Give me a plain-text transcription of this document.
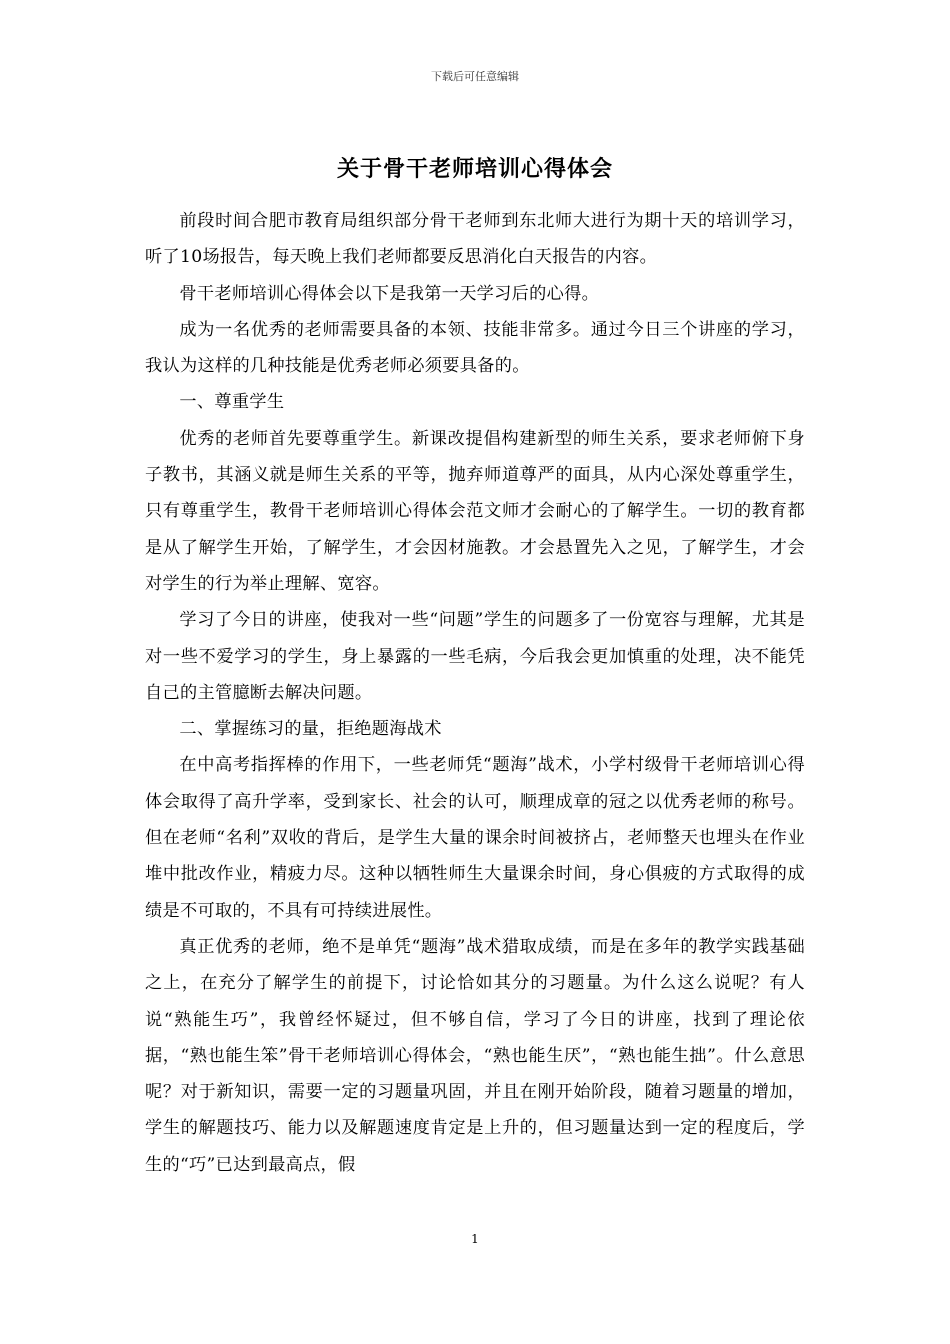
下载后可任意编辑
关于骨干老师培训心得体会

前段时间合肥市教育局组织部分骨干老师到东北师大进行为期十天的培训学习，听了10场报告，每天晚上我们老师都要反思消化白天报告的内容。

骨干老师培训心得体会以下是我第一天学习后的心得。

成为一名优秀的老师需要具备的本领、技能非常多。通过今日三个讲座的学习，我认为这样的几种技能是优秀老师必须要具备的。

一、尊重学生

优秀的老师首先要尊重学生。新课改提倡构建新型的师生关系，要求老师俯下身子教书，其涵义就是师生关系的平等，抛弃师道尊严的面具，从内心深处尊重学生，只有尊重学生，教骨干老师培训心得体会范文师才会耐心的了解学生。一切的教育都是从了解学生开始，了解学生，才会因材施教。才会悬置先入之见，了解学生，才会对学生的行为举止理解、宽容。

学习了今日的讲座，使我对一些“问题”学生的问题多了一份宽容与理解，尤其是对一些不爱学习的学生，身上暴露的一些毛病，今后我会更加慎重的处理，决不能凭自己的主管臆断去解决问题。

二、掌握练习的量，拒绝题海战术

在中高考指挥棒的作用下，一些老师凭“题海”战术，小学村级骨干老师培训心得体会取得了高升学率，受到家长、社会的认可，顺理成章的冠之以优秀老师的称号。但在老师“名利”双收的背后，是学生大量的课余时间被挤占，老师整天也埋头在作业堆中批改作业，精疲力尽。这种以牺牲师生大量课余时间，身心俱疲的方式取得的成绩是不可取的，不具有可持续进展性。

真正优秀的老师，绝不是单凭“题海”战术猎取成绩，而是在多年的教学实践基础之上，在充分了解学生的前提下，讨论恰如其分的习题量。为什么这么说呢？有人说“熟能生巧”，我曾经怀疑过，但不够自信，学习了今日的讲座，找到了理论依据，“熟也能生笨”骨干老师培训心得体会，“熟也能生厌”，“熟也能生拙”。什么意思呢？对于新知识，需要一定的习题量巩固，并且在刚开始阶段，随着习题量的增加，学生的解题技巧、能力以及解题速度肯定是上升的，但习题量达到一定的程度后，学生的“巧”已达到最高点，假

1
